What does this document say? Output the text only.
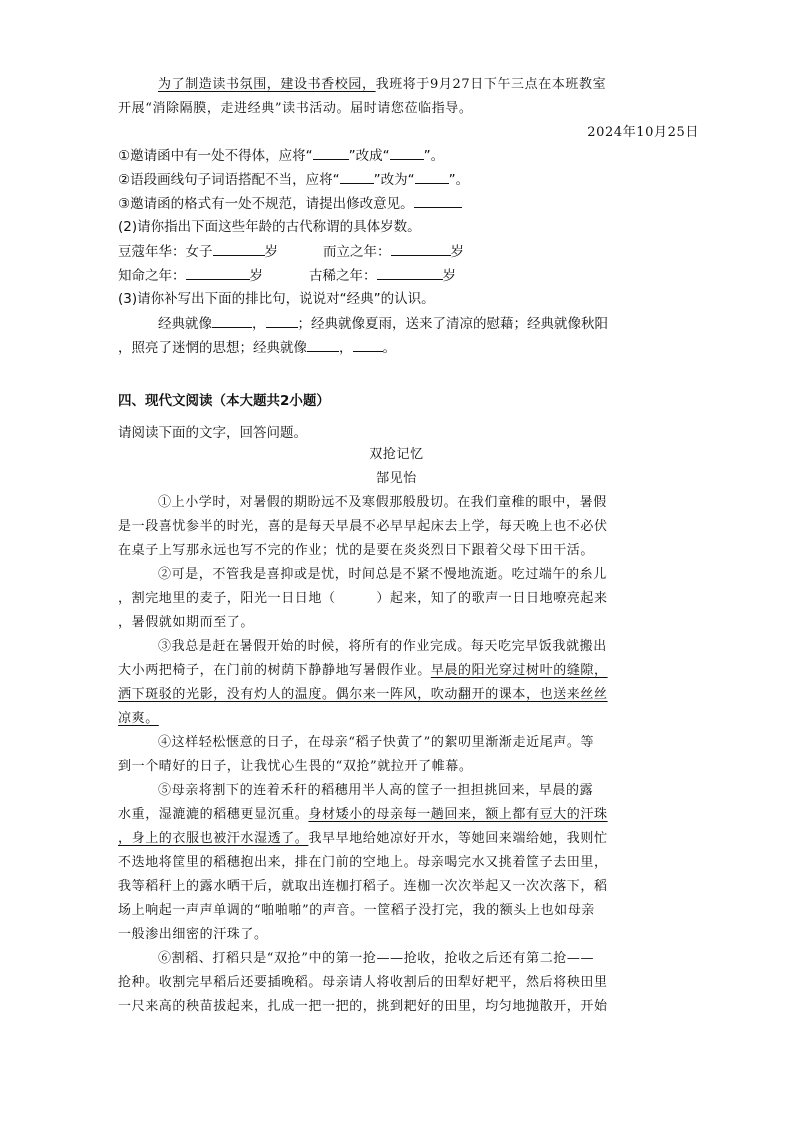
为了制造读书氛围，建设书香校园，我班将于9月27日下午三点在本班教室
开展“消除隔膜，走进经典”读书活动。届时请您莅临指导。
2024年10月25日
①邀请函中有一处不得体，应将“	”改成“	”。
②语段画线句子词语搭配不当，应将“	”改为“	”。
③邀请函的格式有一处不规范，请提出修改意见。
(2)请你指出下面这些年龄的古代称谓的具体岁数。
豆蔻年华：女子	岁	而立之年：	岁
知命之年：	岁	古稀之年：	岁
(3)请你补写出下面的排比句，说说对“经典”的认识。
经典就像	， ；经典就像夏雨，送来了清凉的慰藉；经典就像秋阳
，照亮了迷惘的思想；经典就像 ， 。
四、现代文阅读（本大题共2小题）
请阅读下面的文字，回答问题。
双抢记忆
郜见怡
①上小学时，对暑假的期盼远不及寒假那般殷切。在我们童稚的眼中，暑假
是一段喜忧参半的时光，喜的是每天早晨不必早早起床去上学，每天晚上也不必伏
在桌子上写那永远也写不完的作业；忧的是要在炎炎烈日下跟着父母下田干活。
②可是，不管我是喜抑或是忧，时间总是不紧不慢地流逝。吃过端午的糸儿
，割完地里的麦子，阳光一日日地（　　　）起来，知了的歌声一日日地嘹亮起来
，暑假就如期而至了。
③我总是赶在暑假开始的时候，将所有的作业完成。每天吃完早饭我就搬出
大小两把椅子，在门前的树荫下静静地写暑假作业。早晨的阳光穿过树叶的缝隙，
洒下斑驳的光影，没有灼人的温度。偶尔来一阵风，吹动翻开的课本，也送来丝丝
凉爽。
④这样轻松惬意的日子，在母亲“稻子快黄了”的絮叨里渐渐走近尾声。等
到一个晴好的日子，让我忧心生畏的“双抢”就拉开了帷幕。
⑤母亲将割下的连着禾秆的稻穗用半人高的筐子一担担挑回来，早晨的露
水重，湿漉漉的稻穗更显沉重。身材矮小的母亲每一趟回来，额上都有豆大的汗珠
，身上的衣服也被汗水湿透了。我早早地给她凉好开水，等她回来端给她，我则忙
不迭地将筐里的稻穗抱出来，排在门前的空地上。母亲喝完水又挑着筐子去田里，
我等稻秆上的露水晒干后，就取出连枷打稻子。连枷一次次举起又一次次落下，稻
场上响起一声声单调的“啪啪啪”的声音。一筐稻子没打完，我的额头上也如母亲
一般渗出细密的汗珠了。
⑥割稻、打稻只是“双抢”中的第一抢——抢收，抢收之后还有第二抢——
抢种。收割完早稻后还要插晚稻。母亲请人将收割后的田犁好耙平，然后将秧田里
一尺来高的秧苗拔起来，扎成一把一把的，挑到耙好的田里，均匀地抛散开，开始
